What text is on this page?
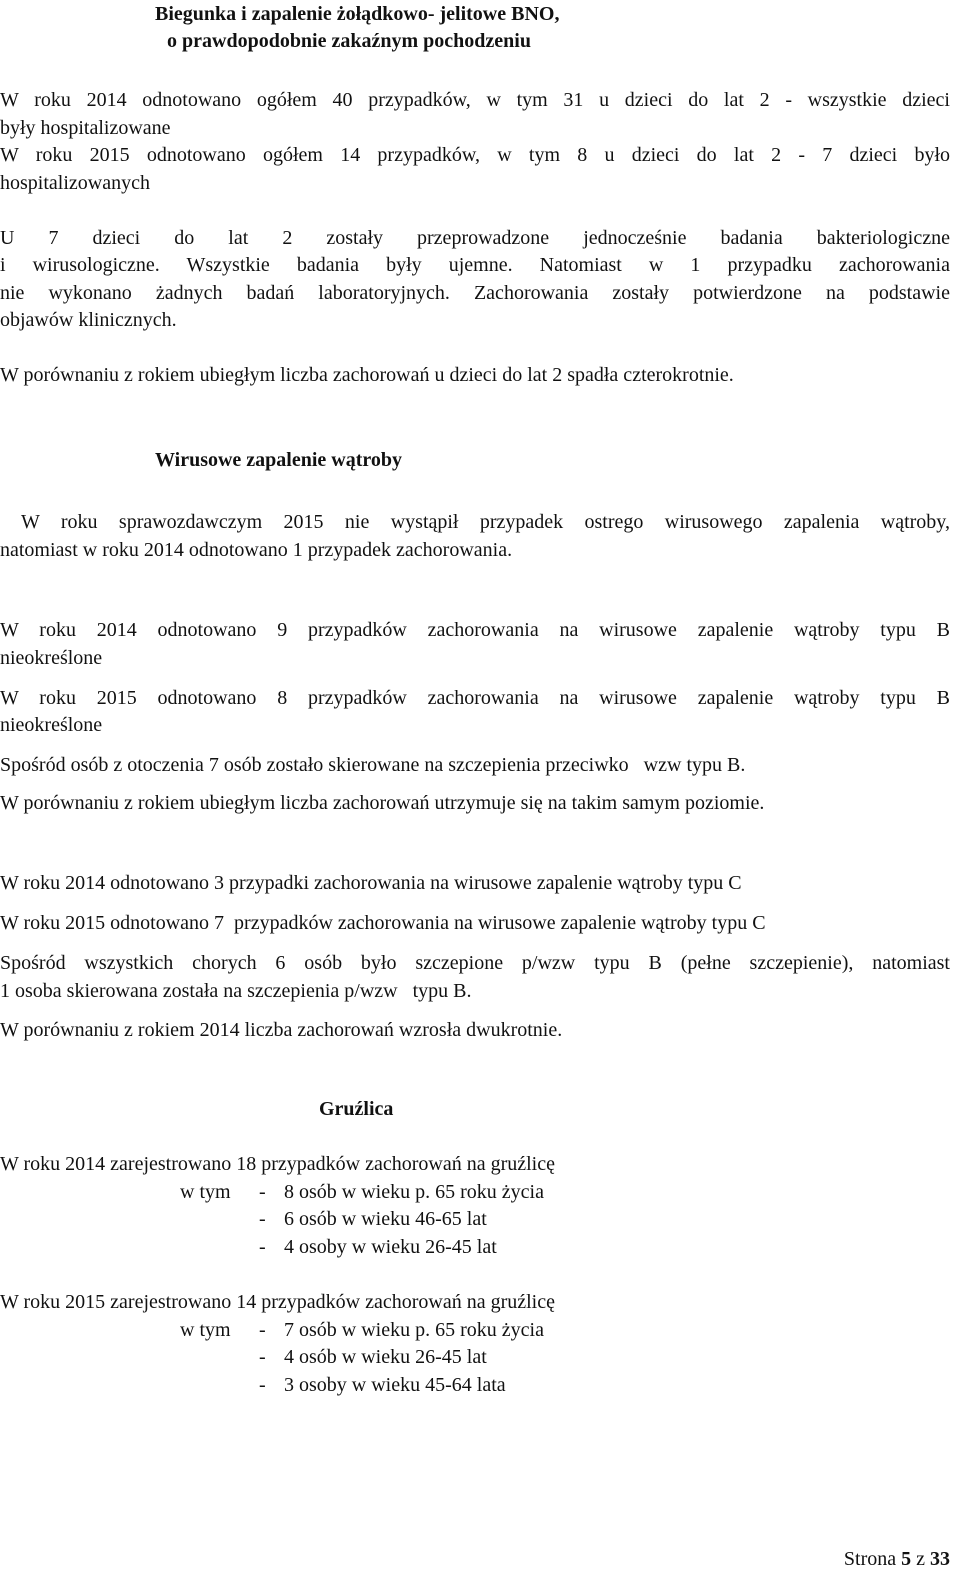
Biegunka i zapalenie żołądkowo- jelitowe BNO,

o prawdopodobnie zakaźnym pochodzeniu

W roku 2014 odnotowano ogółem 40 przypadków, w tym 31 u dzieci do lat 2 - wszystkie dzieci

były hospitalizowane

W roku 2015 odnotowano ogółem 14 przypadków, w tym 8 u dzieci do lat 2 - 7 dzieci było

hospitalizowanych

U 7 dzieci do lat 2 zostały przeprowadzone jednocześnie badania bakteriologiczne

i wirusologiczne. Wszystkie badania były ujemne. Natomiast w 1 przypadku zachorowania

nie wykonano żadnych badań laboratoryjnych. Zachorowania zostały potwierdzone na podstawie

objawów klinicznych.

W porównaniu z rokiem ubiegłym liczba zachorowań u dzieci do lat 2 spadła czterokrotnie.

Wirusowe zapalenie wątroby

W roku sprawozdawczym 2015 nie wystąpił przypadek ostrego wirusowego zapalenia wątroby,

natomiast w roku 2014 odnotowano 1 przypadek zachorowania.

W roku 2014 odnotowano 9 przypadków zachorowania na wirusowe zapalenie wątroby typu B

nieokreślone

W roku 2015 odnotowano 8 przypadków zachorowania na wirusowe zapalenie wątroby typu B

nieokreślone

Spośród osób z otoczenia 7 osób zostało skierowane na szczepienia przeciwko   wzw typu B.

W porównaniu z rokiem ubiegłym liczba zachorowań utrzymuje się na takim samym poziomie.

W roku 2014 odnotowano 3 przypadki zachorowania na wirusowe zapalenie wątroby typu C

W roku 2015 odnotowano 7  przypadków zachorowania na wirusowe zapalenie wątroby typu C

Spośród wszystkich chorych 6 osób było szczepione p/wzw typu B (pełne szczepienie), natomiast

1 osoba skierowana została na szczepienia p/wzw   typu B.

W porównaniu z rokiem 2014 liczba zachorowań wzrosła dwukrotnie.

Gruźlica

W roku 2014 zarejestrowano 18 przypadków zachorowań na gruźlicę

w tym - 8 osób w wieku p. 65 roku życia
- 6 osób w wieku 46-65 lat
- 4 osoby w wieku 26-45 lat

W roku 2015 zarejestrowano 14 przypadków zachorowań na gruźlicę

w tym - 7 osób w wieku p. 65 roku życia
- 4 osób w wieku 26-45 lat
- 3 osoby w wieku 45-64 lata

Strona 5 z 33
